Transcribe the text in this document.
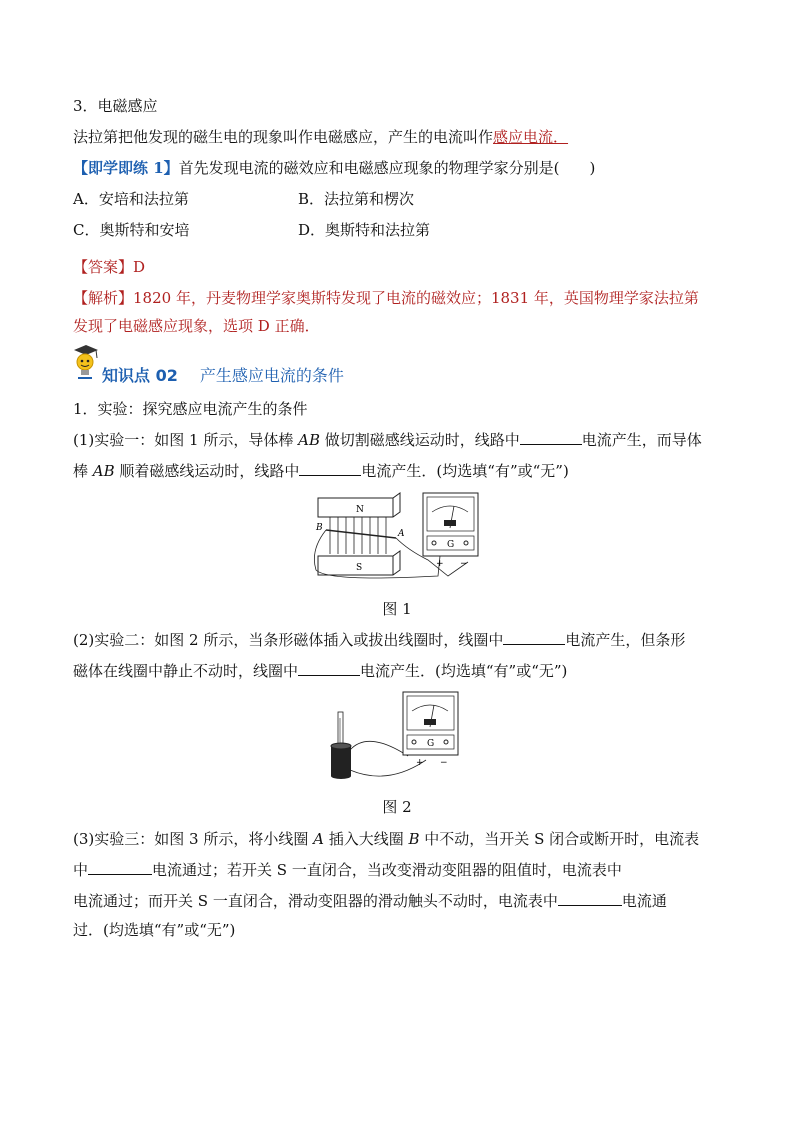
3．电磁感应
法拉第把他发现的磁生电的现象叫作电磁感应，产生的电流叫作感应电流．
【即学即练 1】首先发现电流的磁效应和电磁感应现象的物理学家分别是(　　)
A．安培和法拉第	B．法拉第和楞次
C．奥斯特和安培	D．奥斯特和法拉第
【答案】D
【解析】1820 年，丹麦物理学家奥斯特发现了电流的磁效应；1831 年，英国物理学家法拉第
发现了电磁感应现象，选项 D 正确．
知识点 02 产生感应电流的条件
1．实验：探究感应电流产生的条件
(1)实验一：如图 1 所示，导体棒 AB 做切割磁感线运动时，线路中	电流产生，而导体
棒 AB 顺着磁感线运动时，线路中	电流产生．(均选填“有”或“无”)
N
S
B
A
G
+ −
图 1
(2)实验二：如图 2 所示，当条形磁体插入或拔出线圈时，线圈中	电流产生，但条形
磁体在线圈中静止不动时，线圈中	电流产生．(均选填“有”或“无”)
G
+ −
图 2
(3)实验三：如图 3 所示，将小线圈 A 插入大线圈 B 中不动，当开关 S 闭合或断开时，电流表
中	电流通过；若开关 S 一直闭合，当改变滑动变阻器的阻值时，电流表中
电流通过；而开关 S 一直闭合，滑动变阻器的滑动触头不动时，电流表中	电流通
过．(均选填“有”或“无”)
